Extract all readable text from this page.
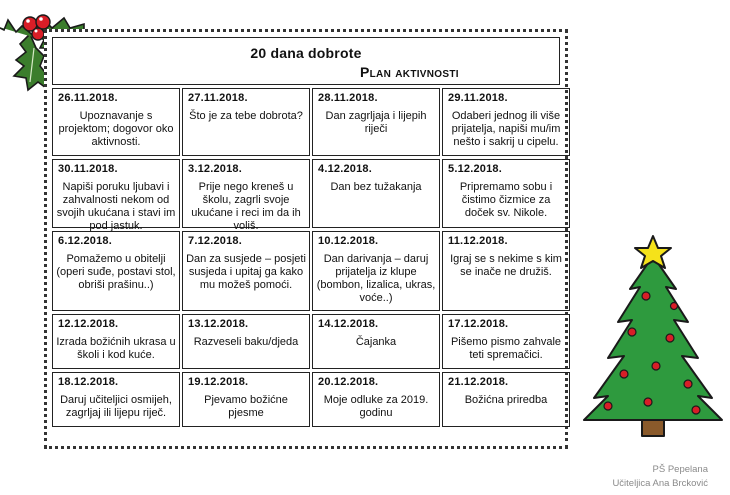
20 dana dobrote
Plan aktivnosti
26.11.2018.
Upoznavanje s projektom; dogovor oko aktivnosti.
27.11.2018.
Što je za tebe dobrota?
28.11.2018.
Dan zagrljaja i lijepih riječi
29.11.2018.
Odaberi jednog ili više prijatelja, napiši mu/im nešto i sakrij u cipelu.
30.11.2018.
Napiši poruku ljubavi i zahvalnosti nekom od svojih ukućana i stavi im pod jastuk.
3.12.2018.
Prije nego kreneš u školu, zagrli svoje ukućane i reci im da ih voliš.
4.12.2018.
Dan bez tužakanja
5.12.2018.
Pripremamo sobu i čistimo čizmice za doček sv. Nikole.
6.12.2018.
Pomažemo u obitelji (operi suđe, postavi stol, obriši prašinu..)
7.12.2018.
Dan za susjede – posjeti susjeda i upitaj ga kako mu možeš pomoći.
10.12.2018.
Dan darivanja – daruj prijatelja iz klupe (bombon, lizalica, ukras, voće..)
11.12.2018.
Igraj se s nekime s kim se inače ne družiš.
12.12.2018.
Izrada božićnih ukrasa u školi i kod kuće.
13.12.2018.
Razveseli baku/djeda
14.12.2018.
Čajanka
17.12.2018.
Pišemo pismo zahvale teti spremačici.
18.12.2018.
Daruj učiteljici osmijeh, zagrljaj ili lijepu riječ.
19.12.2018.
Pjevamo božićne pjesme
20.12.2018.
Moje odluke za 2019. godinu
21.12.2018.
Božićna priredba
PŠ Pepelana
Učiteljica Ana Brcković
